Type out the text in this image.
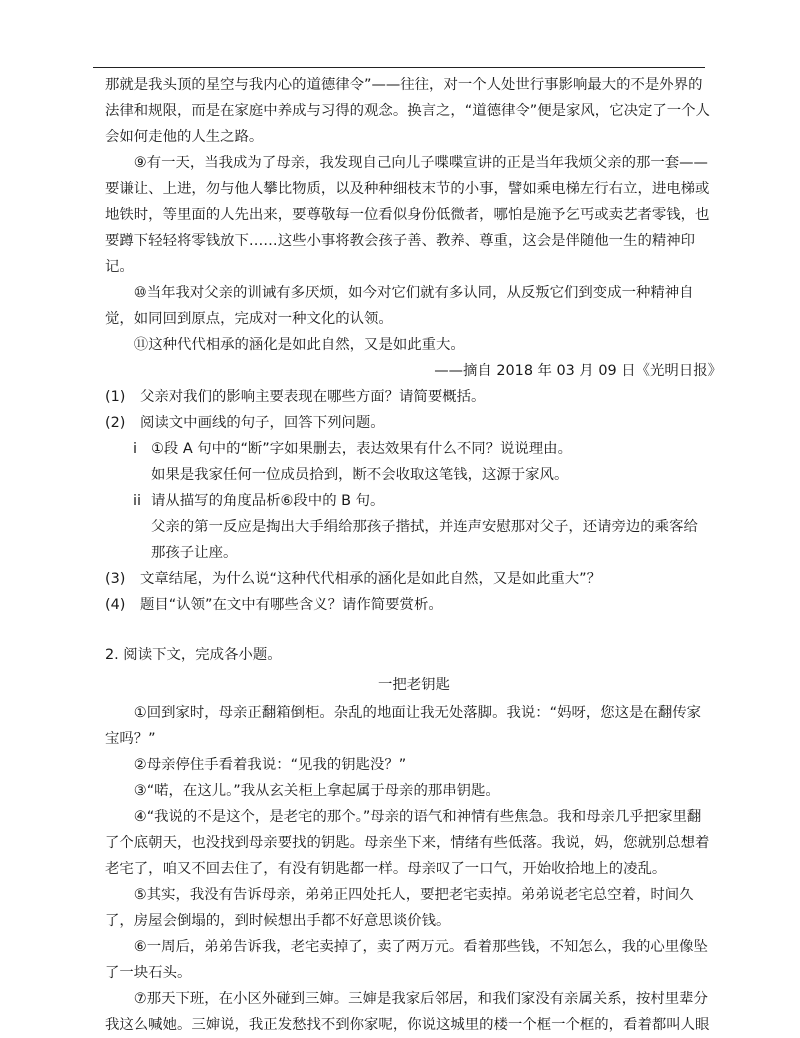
那就是我头顶的星空与我内心的道德律令”——往往，对一个人处世行事影响最大的不是外界的法律和规限，而是在家庭中养成与习得的观念。换言之，“道德律令”便是家风，它决定了一个人会如何走他的人生之路。

⑨有一天，当我成为了母亲，我发现自己向儿子喋喋宣讲的正是当年我烦父亲的那一套——要谦让、上进，勿与他人攀比物质，以及种种细枝末节的小事，譬如乘电梯左行右立，进电梯或地铁时，等里面的人先出来，要尊敬每一位看似身份低微者，哪怕是施予乞丐或卖艺者零钱，也要蹲下轻轻将零钱放下……这些小事将教会孩子善、教养、尊重，这会是伴随他一生的精神印记。

⑩当年我对父亲的训诫有多厌烦，如今对它们就有多认同，从反叛它们到变成一种精神自觉，如同回到原点，完成对一种文化的认领。

⑪这种代代相承的涵化是如此自然，又是如此重大。

——摘自 2018 年 03 月 09 日《光明日报》

(1) 父亲对我们的影响主要表现在哪些方面？请简要概括。
(2) 阅读文中画线的句子，回答下列问题。
i ①段 A 句中的“断”字如果删去，表达效果有什么不同？说说理由。

如果是我家任何一位成员拾到，断不会收取这笔钱，这源于家风。

ii 请从描写的角度品析⑥段中的 B 句。

父亲的第一反应是掏出大手绢给那孩子揩拭，并连声安慰那对父子，还请旁边的乘客给那孩子让座。

(3) 文章结尾，为什么说“这种代代相承的涵化是如此自然，又是如此重大”？
(4) 题目“认领”在文中有哪些含义？请作简要赏析。

2. 阅读下文，完成各小题。

一把老钥匙

①回到家时，母亲正翻箱倒柜。杂乱的地面让我无处落脚。我说：“妈呀，您这是在翻传家宝吗？”

②母亲停住手看着我说：“见我的钥匙没？”

③“喏，在这儿。”我从玄关柜上拿起属于母亲的那串钥匙。

④“我说的不是这个，是老宅的那个。”母亲的语气和神情有些焦急。我和母亲几乎把家里翻了个底朝天，也没找到母亲要找的钥匙。母亲坐下来，情绪有些低落。我说，妈，您就别总想着老宅了，咱又不回去住了，有没有钥匙都一样。母亲叹了一口气，开始收拾地上的凌乱。

⑤其实，我没有告诉母亲，弟弟正四处托人，要把老宅卖掉。弟弟说老宅总空着，时间久了，房屋会倒塌的，到时候想出手都不好意思谈价钱。

⑥一周后，弟弟告诉我，老宅卖掉了，卖了两万元。看着那些钱，不知怎么，我的心里像坠了一块石头。

⑦那天下班，在小区外碰到三婶。三婶是我家后邻居，和我们家没有亲属关系，按村里辈分我这么喊她。三婶说，我正发愁找不到你家呢，你说这城里的楼一个框一个框的，看着都叫人眼
